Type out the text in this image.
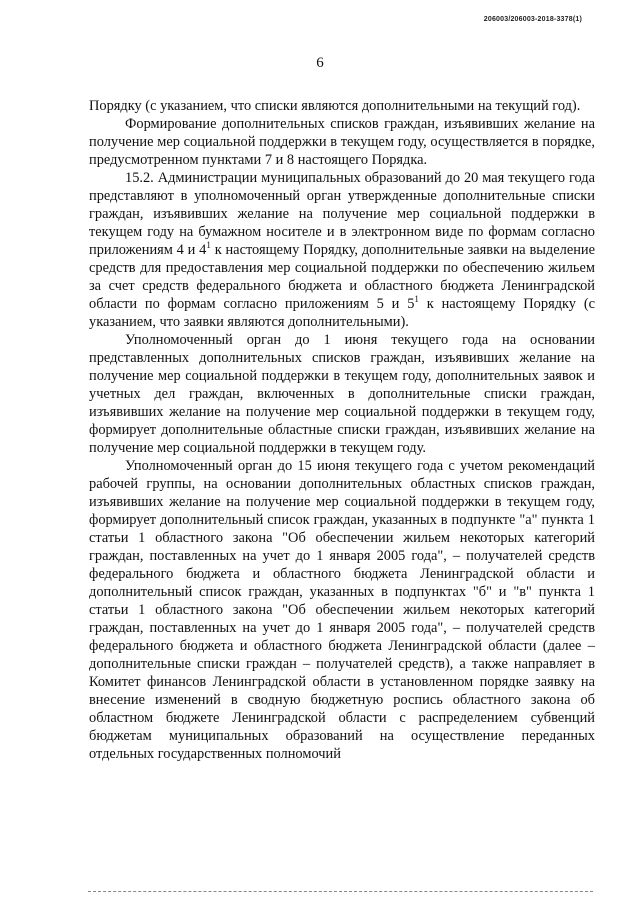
206003/206003-2018-3378(1)
6

Порядку (с указанием, что списки являются дополнительными на текущий год).

Формирование дополнительных списков граждан, изъявивших желание на получение мер социальной поддержки в текущем году, осуществляется в порядке, предусмотренном пунктами 7 и 8 настоящего Порядка.

15.2. Администрации муниципальных образований до 20 мая текущего года представляют в уполномоченный орган утвержденные дополнительные списки граждан, изъявивших желание на получение мер социальной поддержки в текущем году на бумажном носителе и в электронном виде по формам согласно приложениям 4 и $4^1$ к настоящему Порядку, дополнительные заявки на выделение средств для предоставления мер социальной поддержки по обеспечению жильем за счет средств федерального бюджета и областного бюджета Ленинградской области по формам согласно приложениям 5 и $5^1$ к настоящему Порядку (с указанием, что заявки являются дополнительными).

Уполномоченный орган до 1 июня текущего года на основании представленных дополнительных списков граждан, изъявивших желание на получение мер социальной поддержки в текущем году, дополнительных заявок и учетных дел граждан, включенных в дополнительные списки граждан, изъявивших желание на получение мер социальной поддержки в текущем году, формирует дополнительные областные списки граждан, изъявивших желание на получение мер социальной поддержки в текущем году.

Уполномоченный орган до 15 июня текущего года с учетом рекомендаций рабочей группы, на основании дополнительных областных списков граждан, изъявивших желание на получение мер социальной поддержки в текущем году, формирует дополнительный список граждан, указанных в подпункте "а" пункта 1 статьи 1 областного закона "Об обеспечении жильем некоторых категорий граждан, поставленных на учет до 1 января 2005 года", – получателей средств федерального бюджета и областного бюджета Ленинградской области и дополнительный список граждан, указанных в подпунктах "б" и "в" пункта 1 статьи 1 областного закона "Об обеспечении жильем некоторых категорий граждан, поставленных на учет до 1 января 2005 года", – получателей средств федерального бюджета и областного бюджета Ленинградской области (далее – дополнительные списки граждан – получателей средств), а также направляет в Комитет финансов Ленинградской области в установленном порядке заявку на внесение изменений в сводную бюджетную роспись областного закона об областном бюджете Ленинградской области с распределением субвенций бюджетам муниципальных образований на осуществление переданных отдельных государственных полномочий
